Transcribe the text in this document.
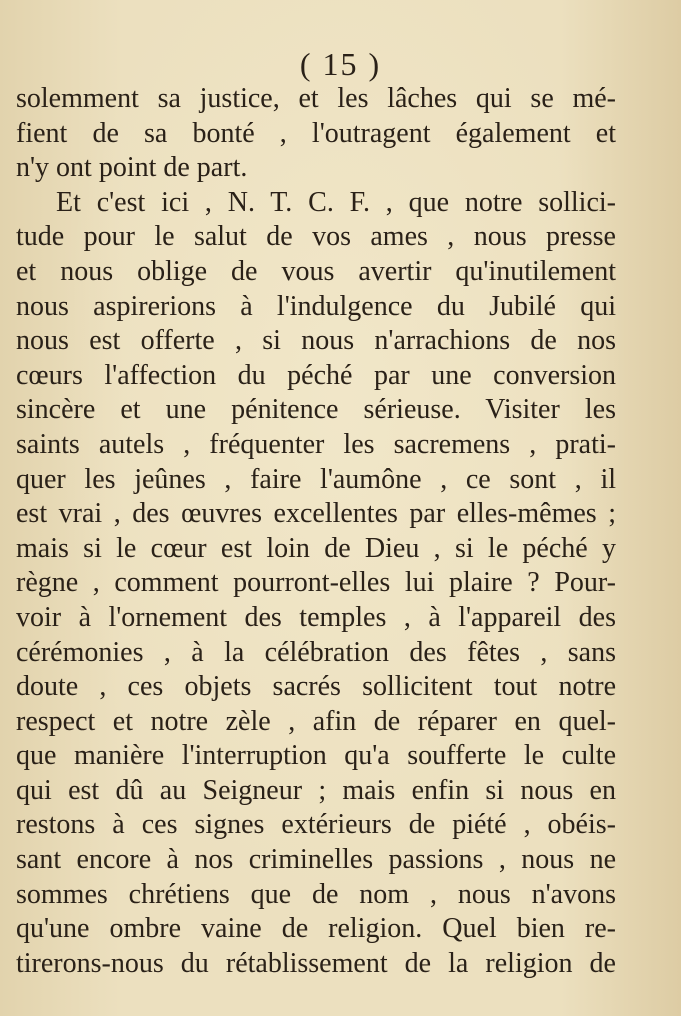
( 15 )
solemment sa justice, et les lâches qui se mé-
fient de sa bonté , l'outragent également et
n'y ont point de part.
Et c'est ici , N. T. C. F. , que notre sollici-
tude pour le salut de vos ames , nous presse
et nous oblige de vous avertir qu'inutilement
nous aspirerions à l'indulgence du Jubilé qui
nous est offerte , si nous n'arrachions de nos
cœurs l'affection du péché par une conversion
sincère et une pénitence sérieuse. Visiter les
saints autels , fréquenter les sacremens , prati-
quer les jeûnes , faire l'aumône , ce sont , il
est vrai , des œuvres excellentes par elles-mêmes ;
mais si le cœur est loin de Dieu , si le péché y
règne , comment pourront-elles lui plaire ? Pour-
voir à l'ornement des temples , à l'appareil des
cérémonies , à la célébration des fêtes , sans
doute , ces objets sacrés sollicitent tout notre
respect et notre zèle , afin de réparer en quel-
que manière l'interruption qu'a soufferte le culte
qui est dû au Seigneur ; mais enfin si nous en
restons à ces signes extérieurs de piété , obéis-
sant encore à nos criminelles passions , nous ne
sommes chrétiens que de nom , nous n'avons
qu'une ombre vaine de religion. Quel bien re-
tirerons-nous du rétablissement de la religion de
